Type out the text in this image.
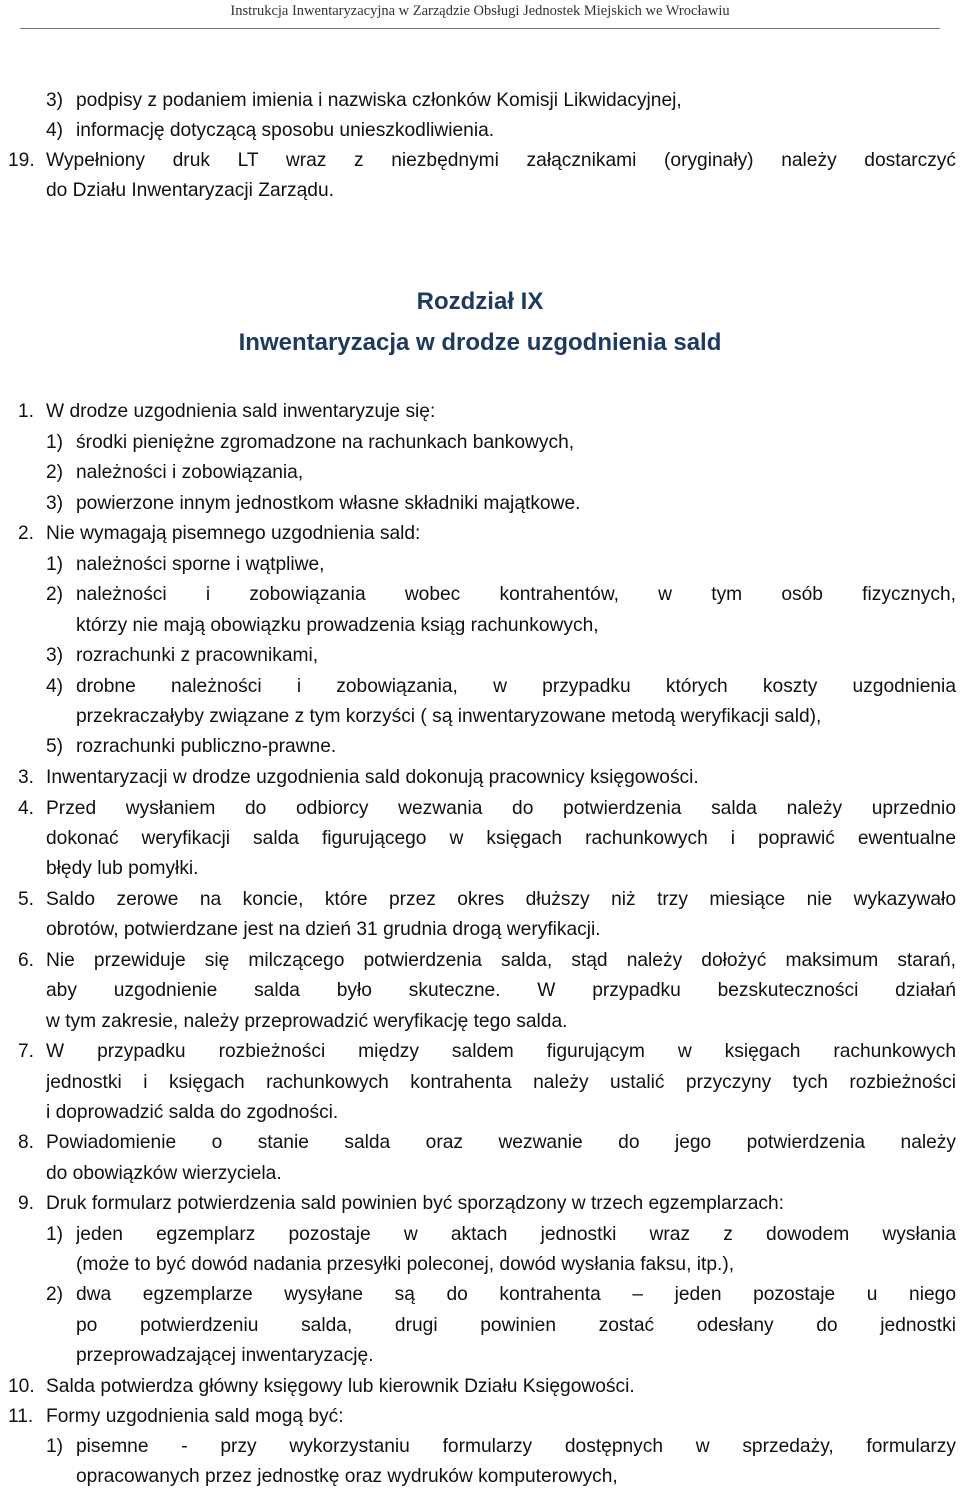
Instrukcja Inwentaryzacyjna w Zarządzie Obsługi Jednostek Miejskich we Wrocławiu
3) podpisy z podaniem imienia i nazwiska członków Komisji Likwidacyjnej,
4) informację dotyczącą sposobu unieszkodliwienia.
19. Wypełniony druk LT wraz z niezbędnymi załącznikami (oryginały) należy dostarczyć
do Działu Inwentaryzacji Zarządu.
Rozdział IX
Inwentaryzacja w drodze uzgodnienia sald
1. W drodze uzgodnienia sald inwentaryzuje się:
1) środki pieniężne zgromadzone na rachunkach bankowych,
2) należności i zobowiązania,
3) powierzone innym jednostkom własne składniki majątkowe.
2. Nie wymagają pisemnego uzgodnienia sald:
1) należności sporne i wątpliwe,
2) należności i zobowiązania wobec kontrahentów, w tym osób fizycznych,
którzy nie mają obowiązku prowadzenia ksiąg rachunkowych,
3) rozrachunki z pracownikami,
4) drobne należności i zobowiązania, w przypadku których koszty uzgodnienia
przekraczałyby związane z tym korzyści ( są inwentaryzowane metodą weryfikacji sald),
5) rozrachunki publiczno-prawne.
3. Inwentaryzacji w drodze uzgodnienia sald dokonują pracownicy księgowości.
4. Przed wysłaniem do odbiorcy wezwania do potwierdzenia salda należy uprzednio
dokonać weryfikacji salda figurującego w księgach rachunkowych i poprawić ewentualne
błędy lub pomyłki.
5. Saldo zerowe na koncie, które przez okres dłuższy niż trzy miesiące nie wykazywało
obrotów, potwierdzane jest na dzień 31 grudnia drogą weryfikacji.
6. Nie przewiduje się milczącego potwierdzenia salda, stąd należy dołożyć maksimum starań,
aby uzgodnienie salda było skuteczne. W przypadku bezskuteczności działań
w tym zakresie, należy przeprowadzić weryfikację tego salda.
7. W przypadku rozbieżności między saldem figurującym w księgach rachunkowych
jednostki i księgach rachunkowych kontrahenta należy ustalić przyczyny tych rozbieżności
i doprowadzić salda do zgodności.
8. Powiadomienie o stanie salda oraz wezwanie do jego potwierdzenia należy
do obowiązków wierzyciela.
9. Druk formularz potwierdzenia sald powinien być sporządzony w trzech egzemplarzach:
1) jeden egzemplarz pozostaje w aktach jednostki wraz z dowodem wysłania
(może to być dowód nadania przesyłki poleconej, dowód wysłania faksu, itp.),
2) dwa egzemplarze wysyłane są do kontrahenta – jeden pozostaje u niego
po potwierdzeniu salda, drugi powinien zostać odesłany do jednostki
przeprowadzającej inwentaryzację.
10. Salda potwierdza główny księgowy lub kierownik Działu Księgowości.
11. Formy uzgodnienia sald mogą być:
1) pisemne - przy wykorzystaniu formularzy dostępnych w sprzedaży, formularzy
opracowanych przez jednostkę oraz wydruków komputerowych,
